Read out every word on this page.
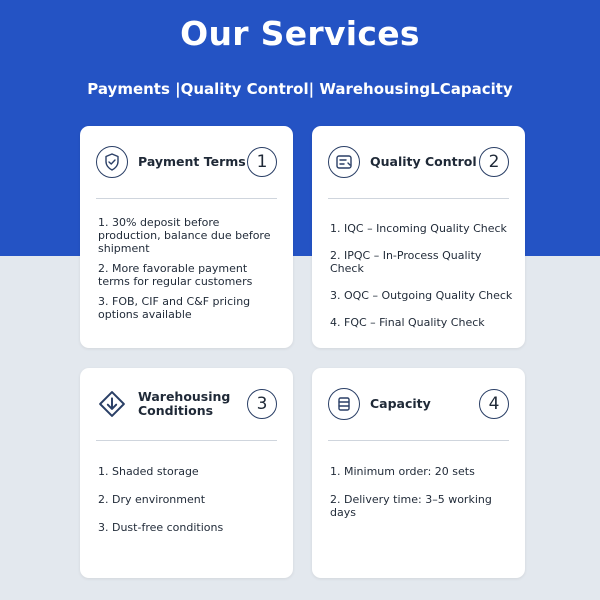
Our Services
Payments |Quality Control| WarehousingLCapacity
Payment Terms 1
1. 30% deposit before production, balance due before shipment
2. More favorable payment terms for regular customers
3. FOB, CIF and C&F pricing options available
Quality Control 2
1. IQC – Incoming Quality Check
2. IPQC – In-Process Quality Check
3. OQC – Outgoing Quality Check
4. FQC – Final Quality Check
Warehousing Conditions	3
1. Shaded storage
2. Dry environment
3. Dust-free conditions
Capacity	4
1. Minimum order: 20 sets
2. Delivery time: 3–5 working days
